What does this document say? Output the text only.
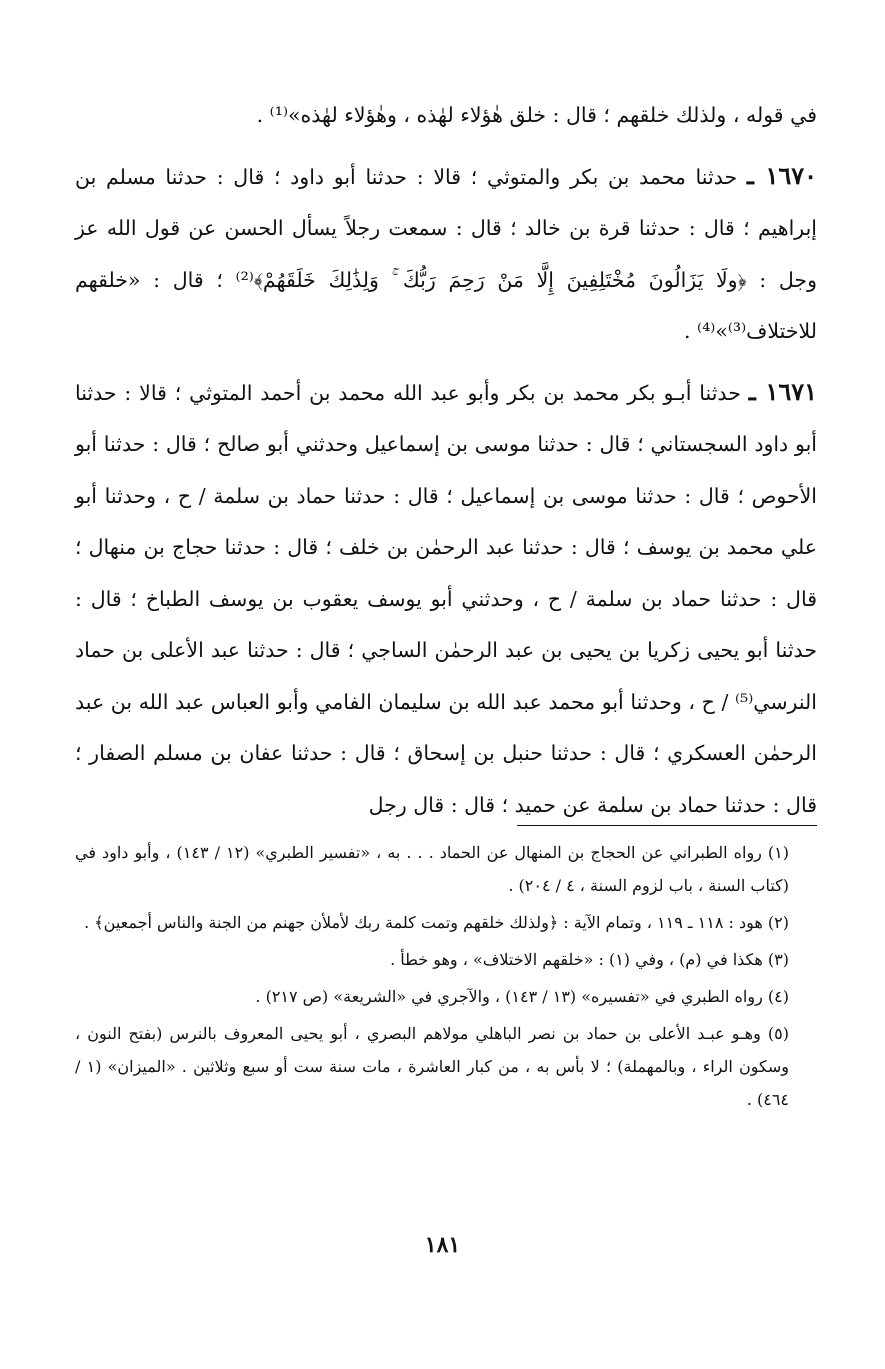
في قوله ، ولذلك خلقهم ؛ قال : خلق هٰؤلاء لهٰذه ، وهٰؤلاء لهٰذه»⁽¹⁾ .

١٦٧٠ ـ حدثنا محمد بن بكر والمتوثي ؛ قالا : حدثنا أبو داود ؛ قال : حدثنا مسلم بن إبراهيم ؛ قال : حدثنا قرة بن خالد ؛ قال : سمعت رجلاً يسأل الحسن عن قول الله عز وجل : ﴿ولَا يَزَالُونَ مُخْتَلِفِينَ إِلَّا مَنْ رَحِمَ رَبُّكَ ۚ وَلِذَٰلِكَ خَلَقَهُمْ﴾⁽²⁾ ؛ قال : «خلقهم للاختلاف⁽³⁾»⁽⁴⁾ .

١٦٧١ ـ حدثنا أبـو بكر محمد بن بكر وأبو عبد الله محمد بن أحمد المتوثي ؛ قالا : حدثنا أبو داود السجستاني ؛ قال : حدثنا موسى بن إسماعيل وحدثني أبو صالح ؛ قال : حدثنا أبو الأحوص ؛ قال : حدثنا موسى بن إسماعيل ؛ قال : حدثنا حماد بن سلمة / ح ، وحدثنا أبو علي محمد بن يوسف ؛ قال : حدثنا عبد الرحمٰن بن خلف ؛ قال : حدثنا حجاج بن منهال ؛ قال : حدثنا حماد بن سلمة / ح ، وحدثني أبو يوسف يعقوب بن يوسف الطباخ ؛ قال : حدثنا أبو يحيى زكريا بن يحيى بن عبد الرحمٰن الساجي ؛ قال : حدثنا عبد الأعلى بن حماد النرسي⁽⁵⁾ / ح ، وحدثنا أبو محمد عبد الله بن سليمان الفامي وأبو العباس عبد الله بن عبد الرحمٰن العسكري ؛ قال : حدثنا حنبل بن إسحاق ؛ قال : حدثنا عفان بن مسلم الصفار ؛ قال : حدثنا حماد بن سلمة عن حميد ؛ قال : قال رجل

(١) رواه الطبراني عن الحجاج بن المنهال عن الحماد . . . به ، «تفسير الطبري» (١٢ / ١٤٣) ، وأبو داود في (كتاب السنة ، باب لزوم السنة ، ٤ / ٢٠٤) .

(٢) هود : ١١٨ ـ ١١٩ ، وتمام الآية : ﴿ولذلك خلقهم وتمت كلمة ربك لأملأن جهنم من الجنة والناس أجمعين﴾ .

(٣) هكذا في (م) ، وفي (١) : «خلقهم الاختلاف» ، وهو خطأ .

(٤) رواه الطبري في «تفسيره» (١٣ / ١٤٣) ، والآجري في «الشريعة» (ص ٢١٧) .

(٥) وهـو عبـد الأعلى بن حماد بن نصر الباهلي مولاهم البصري ، أبو يحيى المعروف بالنرس (بفتح النون ، وسكون الراء ، وبالمهملة) ؛ لا بأس به ، من كبار العاشرة ، مات سنة ست أو سبع وثلاثين . «الميزان» (١ / ٤٦٤) .

١٨١
